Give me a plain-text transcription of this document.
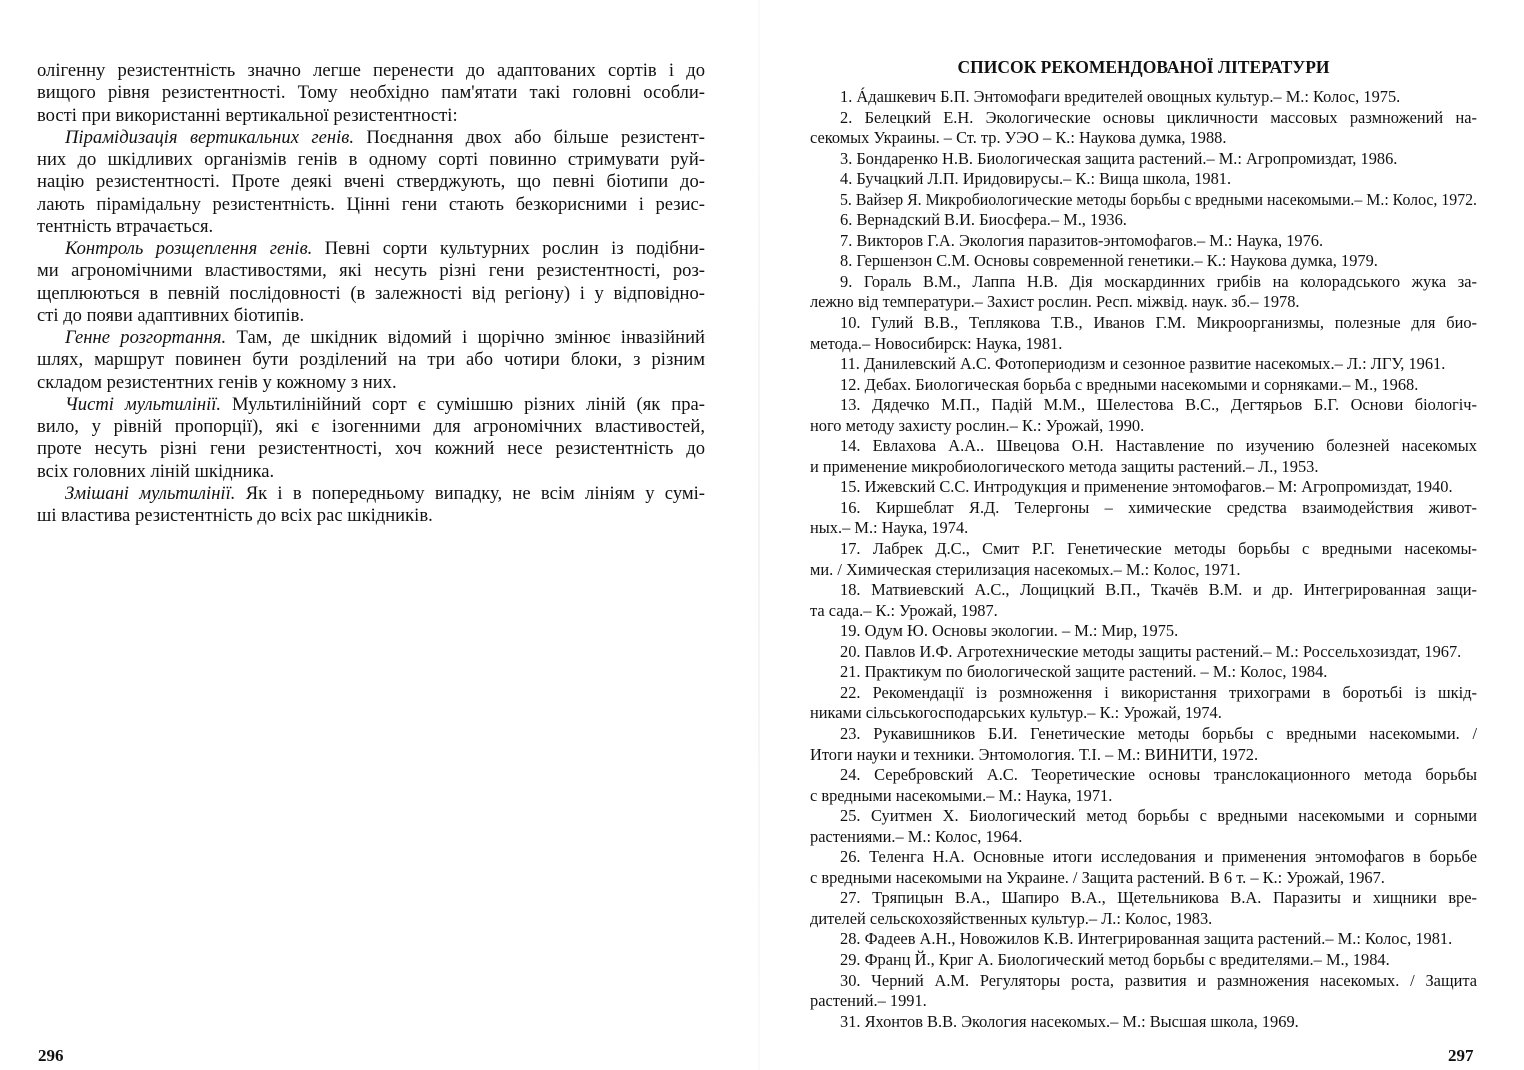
олігенну резистентність значно легше перенести до адаптованих сортів і до
вищого рівня резистентності. Тому необхідно пам'ятати такі головні особли-
вості при використанні вертикальної резистентності:
Пірамідизація вертикальних генів. Поєднання двох або більше резистент-
них до шкідливих організмів генів в одному сорті повинно стримувати руй-
націю резистентності. Проте деякі вчені стверджують, що певні біотипи до-
лають пірамідальну резистентність. Цінні гени стають безкорисними і резис-
тентність втрачається.
Контроль розщеплення генів. Певні сорти культурних рослин із подібни-
ми агрономічними властивостями, які несуть різні гени резистентності, роз-
щеплюються в певній послідовності (в залежності від регіону) і у відповідно-
сті до появи адаптивних біотипів.
Генне розгортання. Там, де шкідник відомий і щорічно змінює інвазійний
шлях, маршрут повинен бути розділений на три або чотири блоки, з різним
складом резистентних генів у кожному з них.
Чисті мультилінії. Мультилінійний сорт є сумішшю різних ліній (як пра-
вило, у рівній пропорції), які є ізогенними для агрономічних властивостей,
проте несуть різні гени резистентності, хоч кожний несе резистентність до
всіх головних ліній шкідника.
Змішані мультилінії. Як і в попередньому випадку, не всім лініям у сумі-
ші властива резистентність до всіх рас шкідників.
296
СПИСОК РЕКОМЕНДОВАНОЇ ЛІТЕРАТУРИ
1. Áдашкевич Б.П. Энтомофаги вредителей овощных культур.– М.: Колос, 1975.
2. Белецкий Е.Н. Экологические основы цикличности массовых размножений на-
секомых Украины. – Ст. тр. УЭО – К.: Наукова думка, 1988.
3. Бондаренко Н.В. Биологическая защита растений.– М.: Агропромиздат, 1986.
4. Бучацкий Л.П. Иридовирусы.– К.: Вища школа, 1981.
5. Вайзер Я. Микробиологические методы борьбы с вредными насекомыми.– М.: Колос, 1972.
6. Вернадский В.И. Биосфера.– М., 1936.
7. Викторов Г.А. Экология паразитов-энтомофагов.– М.: Наука, 1976.
8. Гершензон С.М. Основы современной генетики.– К.: Наукова думка, 1979.
9. Гораль В.М., Лаппа Н.В. Дія москардинних грибів на колорадського жука за-
лежно від температури.– Захист рослин. Респ. міжвід. наук. зб.– 1978.
10. Гулий В.В., Теплякова Т.В., Иванов Г.М. Микроорганизмы, полезные для био-
метода.– Новосибирск: Наука, 1981.
11. Данилевский А.С. Фотопериодизм и сезонное развитие насекомых.– Л.: ЛГУ, 1961.
12. Дебах. Биологическая борьба с вредными насекомыми и сорняками.– М., 1968.
13. Дядечко М.П., Падій М.М., Шелестова В.С., Дегтярьов Б.Г. Основи біологіч-
ного методу захисту рослин.– К.: Урожай, 1990.
14. Евлахова А.А.. Швецова О.Н. Наставление по изучению болезней насекомых
и применение микробиологического метода защиты растений.– Л., 1953.
15. Ижевский С.С. Интродукция и применение энтомофагов.– М: Агропромиздат, 1940.
16. Киршеблат Я.Д. Телергоны – химические средства взаимодействия живот-
ных.– М.: Наука, 1974.
17. Лабрек Д.С., Смит Р.Г. Генетические методы борьбы с вредными насекомы-
ми. / Химическая стерилизация насекомых.– М.: Колос, 1971.
18. Матвиевский А.С., Лощицкий В.П., Ткачёв В.М. и др. Интегрированная защи-
та сада.– К.: Урожай, 1987.
19. Одум Ю. Основы экологии. – М.: Мир, 1975.
20. Павлов И.Ф. Агротехнические методы защиты растений.– М.: Россельхозиздат, 1967.
21. Практикум по биологической защите растений. – М.: Колос, 1984.
22. Рекомендації із розмноження і використання трихограми в боротьбі із шкід-
никами сільськогосподарських культур.– К.: Урожай, 1974.
23. Рукавишников Б.И. Генетические методы борьбы с вредными насекомыми. /
Итоги науки и техники. Энтомология. Т.І. – М.: ВИНИТИ, 1972.
24. Серебровский А.С. Теоретические основы транслокационного метода борьбы
с вредными насекомыми.– М.: Наука, 1971.
25. Суитмен Х. Биологический метод борьбы с вредными насекомыми и сорными
растениями.– М.: Колос, 1964.
26. Теленга Н.А. Основные итоги исследования и применения энтомофагов в борьбе
с вредными насекомыми на Украине. / Защита растений. В 6 т. – К.: Урожай, 1967.
27. Тряпицын В.А., Шапиро В.А., Щетельникова В.А. Паразиты и хищники вре-
дителей сельскохозяйственных культур.– Л.: Колос, 1983.
28. Фадеев А.Н., Новожилов К.В. Интегрированная защита растений.– М.: Колос, 1981.
29. Франц Й., Криг А. Биологический метод борьбы с вредителями.– М., 1984.
30. Черний А.М. Регуляторы роста, развития и размножения насекомых. / Защита
растений.– 1991.
31. Яхонтов В.В. Экология насекомых.– М.: Высшая школа, 1969.
297
